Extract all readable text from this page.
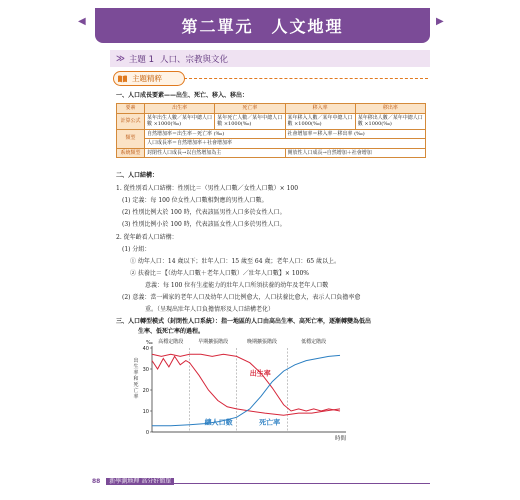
◀	第二單元　人文地理	▶
≫ 主題 1 人口、宗教與文化
主題精粹
一、人口成長要素——出生、死亡、移入、移出：
要素	出生率	死亡率	移入率	移出率
計算公式	某年出生人數／某年中總人口數 ×1000(‰)	某年死亡人數／某年中總人口數 ×1000(‰)	某年移入人數／某年中總人口數 ×1000(‰)	某年移出人數／某年中總人口數 ×1000(‰)
類型	自然增加率＝出生率－死亡率 (‰)		社會增加率＝移入率－移出率 (‰)	
	人口成長率＝自然增加率＋社會增加率			
系統類型	封閉性人口成長→以自然增加為主		開放性人口成長→自然增加＋社會增加	
二、人口結構：
1. 從性別看人口結構：性別比＝（男性人口數／女性人口數）× 100
(1) 定義：每 100 位女性人口數相對應的男性人口數。
(2) 性別比例大於 100 時，代表該區男性人口多於女性人口。
(3) 性別比例小於 100 時，代表該區女性人口多於男性人口。
2. 從年齡看人口結構：
(1) 分組：
① 幼年人口：14 歲以下；壯年人口：15 歲至 64 歲；老年人口：65 歲以上。
② 扶養比＝【（幼年人口數＋老年人口數）／壯年人口數】× 100%
意義：每 100 位有生產能力的壯年人口所須扶養的幼年及老年人口數
(2) 意義：當一國家的老年人口及幼年人口比例愈大，人口扶養比愈大，表示人口負擔率愈
重。（呈現出壯年人口負擔情形及人口結構老化）
三、人口轉型模式（封閉性人口系統）：指一地區的人口由高出生率、高死亡率，逐漸轉變為低出
生率、低死亡率的過程。
高穩定階段	早期擴張階段	晚期擴張階段	低穩定階段
0
10
20
30
40
‰
出
生
率
和
死
亡
率
時間
出生率
總人口數	死亡率
88 新學測地理 高分好簡單
